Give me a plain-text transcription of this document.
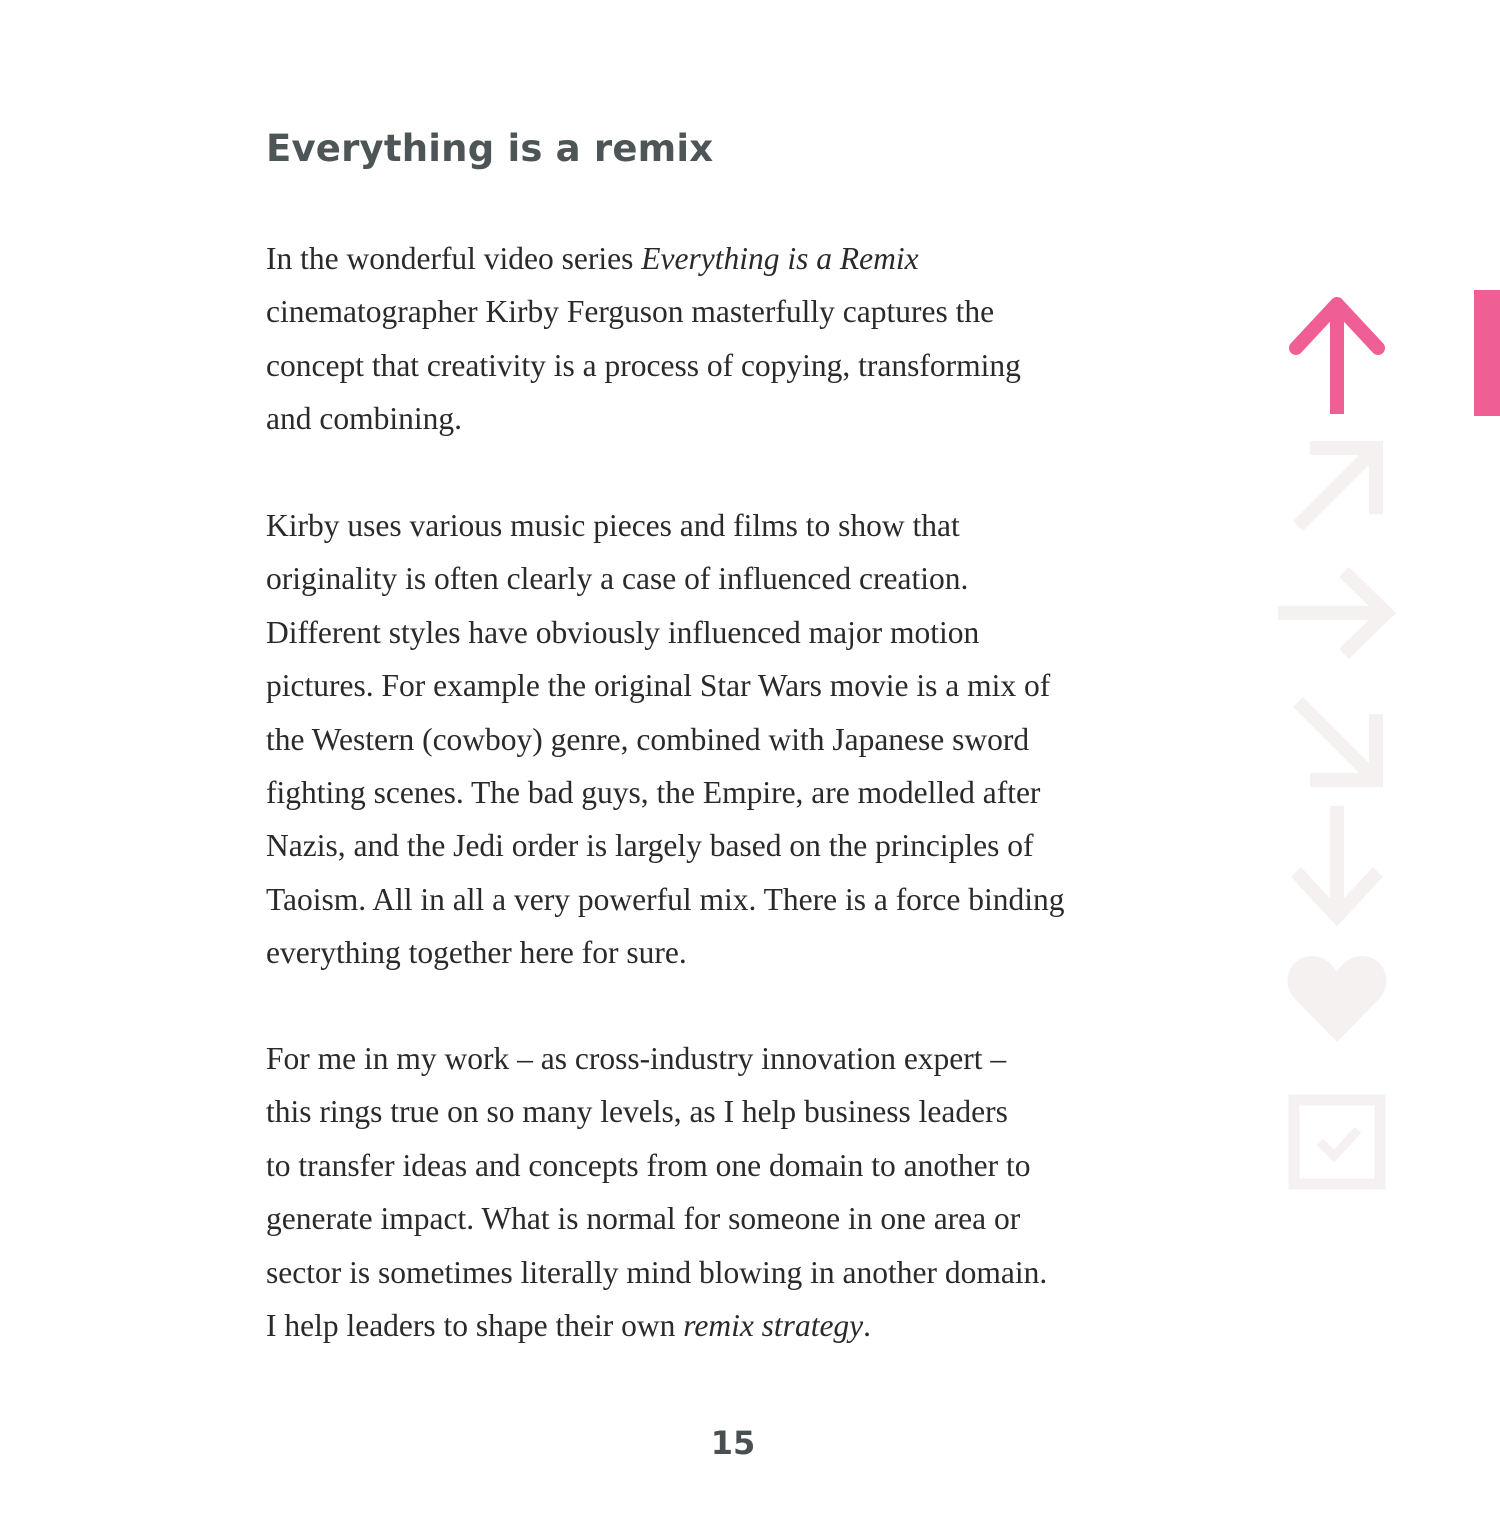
Everything is a remix

In the wonderful video series Everything is a Remix
cinematographer Kirby Ferguson masterfully captures the
concept that creativity is a process of copying, transforming
and combining.

Kirby uses various music pieces and films to show that
originality is often clearly a case of influenced creation.
Different styles have obviously influenced major motion
pictures. For example the original Star Wars movie is a mix of
the Western (cowboy) genre, combined with Japanese sword
fighting scenes. The bad guys, the Empire, are modelled after
Nazis, and the Jedi order is largely based on the principles of
Taoism. All in all a very powerful mix. There is a force binding
everything together here for sure.

For me in my work – as cross-industry innovation expert –
this rings true on so many levels, as I help business leaders
to transfer ideas and concepts from one domain to another to
generate impact. What is normal for someone in one area or
sector is sometimes literally mind blowing in another domain.
I help leaders to shape their own remix strategy.

15
